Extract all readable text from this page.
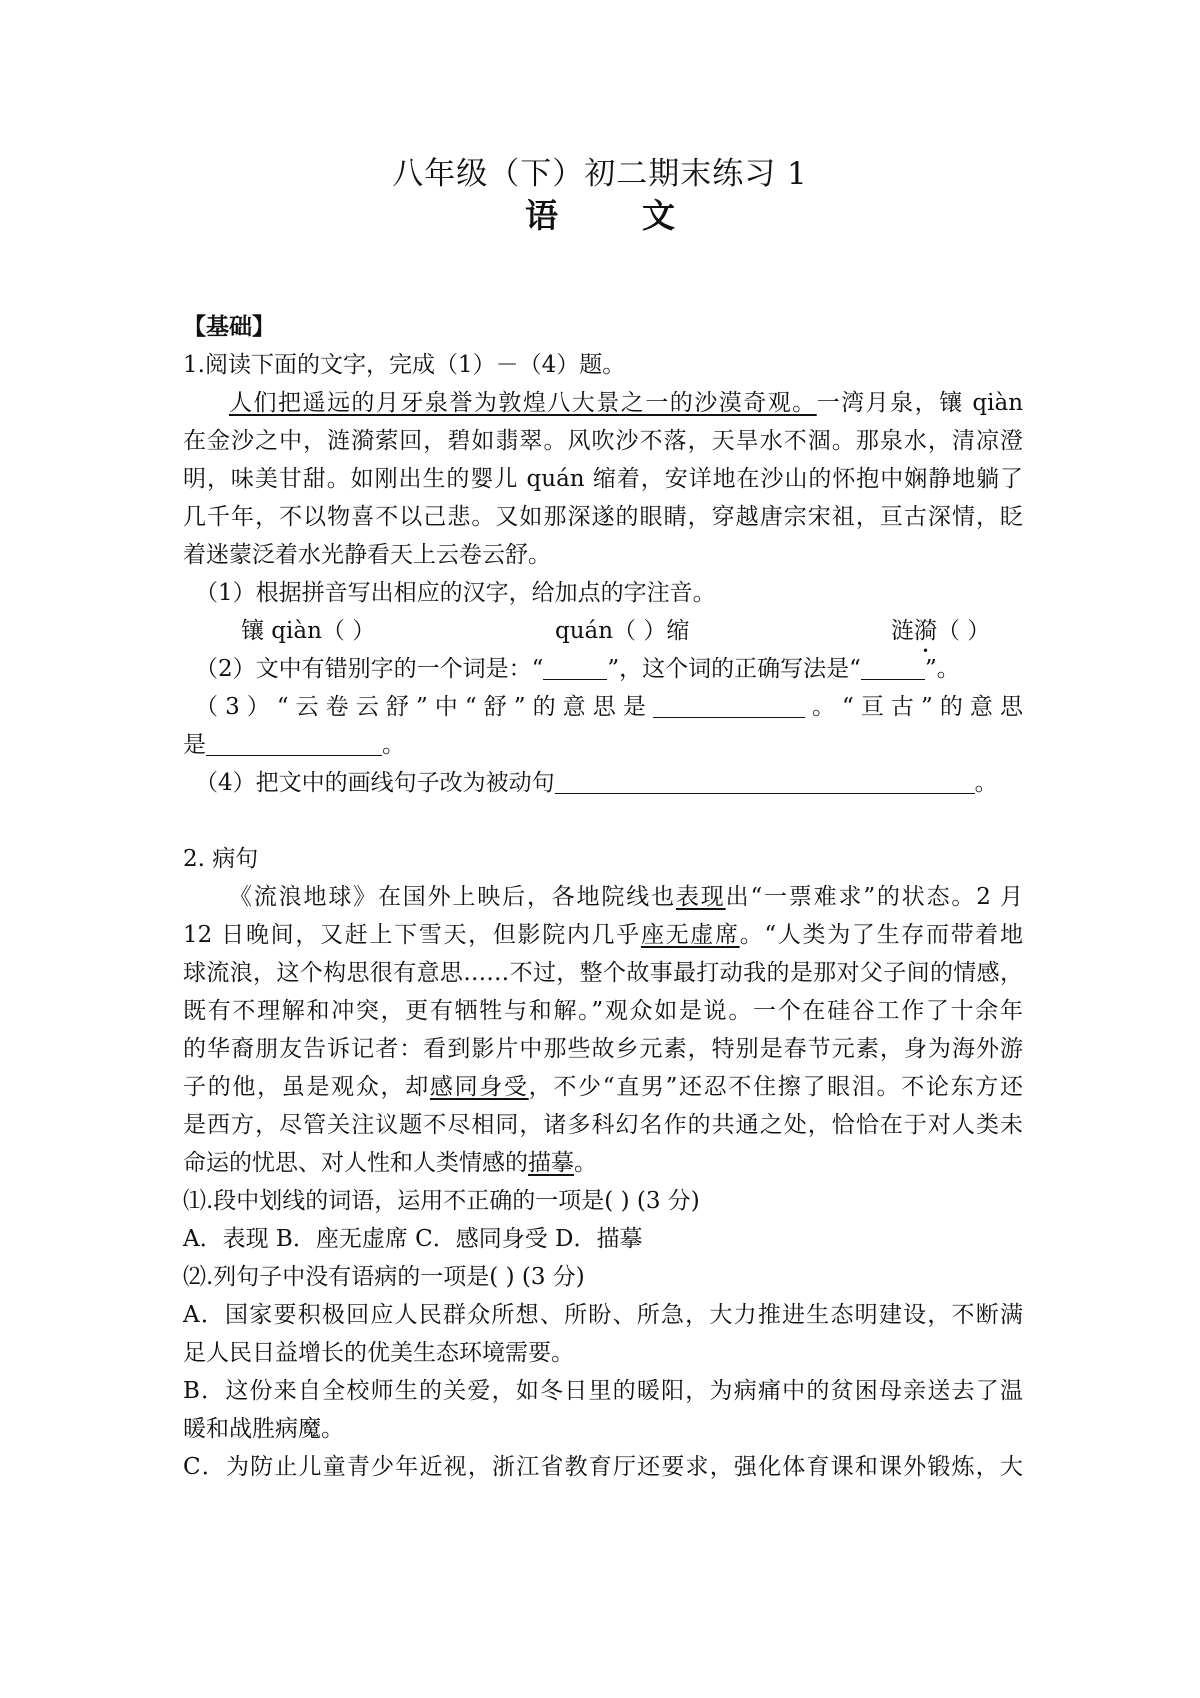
八年级（下）初二期末练习 1
语文
【基础】
1.阅读下面的文字，完成（1）－（4）题。
人们把遥远的月牙泉誉为敦煌八大景之一的沙漠奇观。一湾月泉，镶 qiàn
在金沙之中，涟漪萦回，碧如翡翠。风吹沙不落，天旱水不涸。那泉水，清凉澄
明，味美甘甜。如刚出生的婴儿 quán 缩着，安详地在沙山的怀抱中娴静地躺了
几千年，不以物喜不以己悲。又如那深遂的眼睛，穿越唐宗宋祖，亘古深情，眨
着迷蒙泛着水光静看天上云卷云舒。
（1）根据拼音写出相应的汉字，给加点的字注音。
镶 qiàn（ ）	quán（ ）缩	涟漪（ ）
（2）文中有错别字的一个词是：“	”，这个词的正确写法是“	”。
（3）“云卷云舒”中“舒”的意思是	。“亘古”的意思
是	。
（4）把文中的画线句子改为被动句	。
2. 病句
《流浪地球》在国外上映后，各地院线也表现出“一票难求”的状态。2 月
12 日晚间，又赶上下雪天，但影院内几乎座无虚席。“人类为了生存而带着地
球流浪，这个构思很有意思……不过，整个故事最打动我的是那对父子间的情感，
既有不理解和冲突，更有牺牲与和解。”观众如是说。一个在硅谷工作了十余年
的华裔朋友告诉记者：看到影片中那些故乡元素，特别是春节元素，身为海外游
子的他，虽是观众，却感同身受，不少“直男”还忍不住擦了眼泪。不论东方还
是西方，尽管关注议题不尽相同，诸多科幻名作的共通之处，恰恰在于对人类未
命运的忧思、对人性和人类情感的描摹。
⑴.段中划线的词语，运用不正确的一项是( ) (3 分)
A．表现 B．座无虚席 C．感同身受 D．描摹
⑵.列句子中没有语病的一项是( ) (3 分)
A．国家要积极回应人民群众所想、所盼、所急，大力推进生态明建设，不断满
足人民日益增长的优美生态环境需要。
B．这份来自全校师生的关爱，如冬日里的暖阳，为病痛中的贫困母亲送去了温
暖和战胜病魔。
C．为防止儿童青少年近视，浙江省教育厅还要求，强化体育课和课外锻炼，大
